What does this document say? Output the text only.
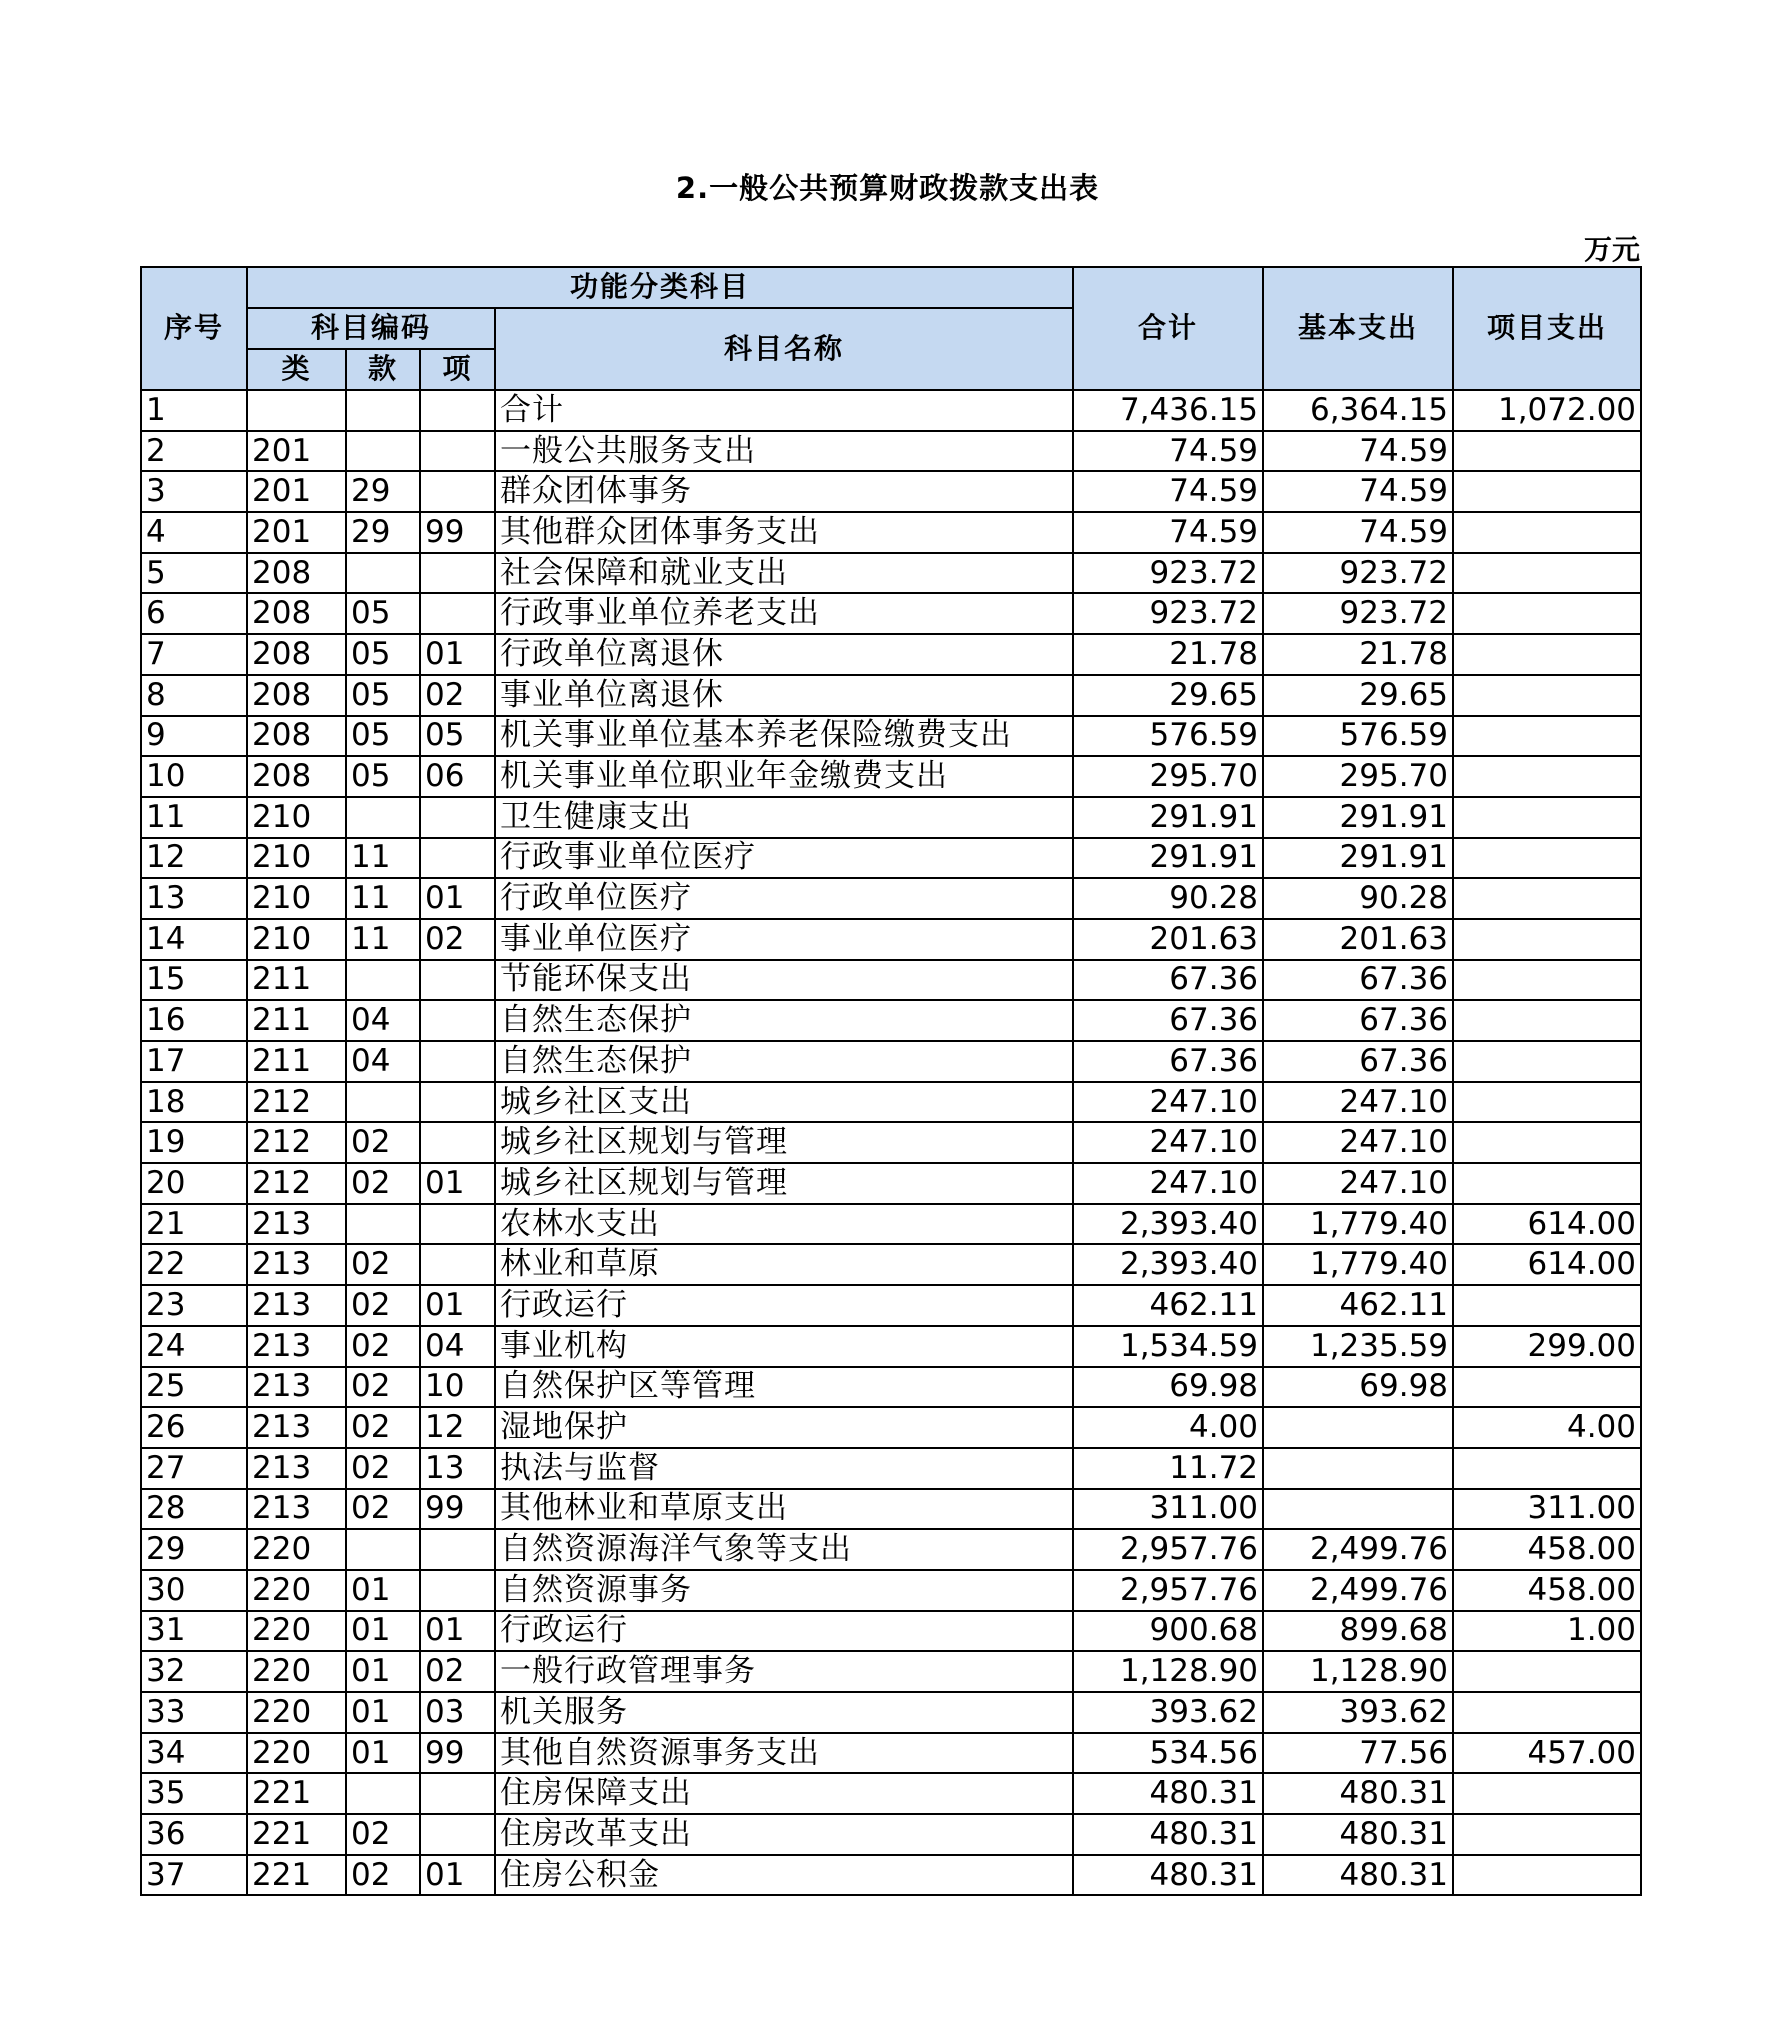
2.一般公共预算财政拨款支出表
万元
序号	功能分类科目				合计	基本支出	项目支出
	科目编码			科目名称			
	类	款	项				
1				合计	7,436.15	6,364.15	1,072.00
2	201			一般公共服务支出	74.59	74.59	
3	201	29		群众团体事务	74.59	74.59	
4	201	29	99	其他群众团体事务支出	74.59	74.59	
5	208			社会保障和就业支出	923.72	923.72	
6	208	05		行政事业单位养老支出	923.72	923.72	
7	208	05	01	行政单位离退休	21.78	21.78	
8	208	05	02	事业单位离退休	29.65	29.65	
9	208	05	05	机关事业单位基本养老保险缴费支出	576.59	576.59	
10	208	05	06	机关事业单位职业年金缴费支出	295.70	295.70	
11	210			卫生健康支出	291.91	291.91	
12	210	11		行政事业单位医疗	291.91	291.91	
13	210	11	01	行政单位医疗	90.28	90.28	
14	210	11	02	事业单位医疗	201.63	201.63	
15	211			节能环保支出	67.36	67.36	
16	211	04		自然生态保护	67.36	67.36	
17	211	04		自然生态保护	67.36	67.36	
18	212			城乡社区支出	247.10	247.10	
19	212	02		城乡社区规划与管理	247.10	247.10	
20	212	02	01	城乡社区规划与管理	247.10	247.10	
21	213			农林水支出	2,393.40	1,779.40	614.00
22	213	02		林业和草原	2,393.40	1,779.40	614.00
23	213	02	01	行政运行	462.11	462.11	
24	213	02	04	事业机构	1,534.59	1,235.59	299.00
25	213	02	10	自然保护区等管理	69.98	69.98	
26	213	02	12	湿地保护	4.00		4.00
27	213	02	13	执法与监督	11.72		
28	213	02	99	其他林业和草原支出	311.00		311.00
29	220			自然资源海洋气象等支出	2,957.76	2,499.76	458.00
30	220	01		自然资源事务	2,957.76	2,499.76	458.00
31	220	01	01	行政运行	900.68	899.68	1.00
32	220	01	02	一般行政管理事务	1,128.90	1,128.90	
33	220	01	03	机关服务	393.62	393.62	
34	220	01	99	其他自然资源事务支出	534.56	77.56	457.00
35	221			住房保障支出	480.31	480.31	
36	221	02		住房改革支出	480.31	480.31	
37	221	02	01	住房公积金	480.31	480.31	
